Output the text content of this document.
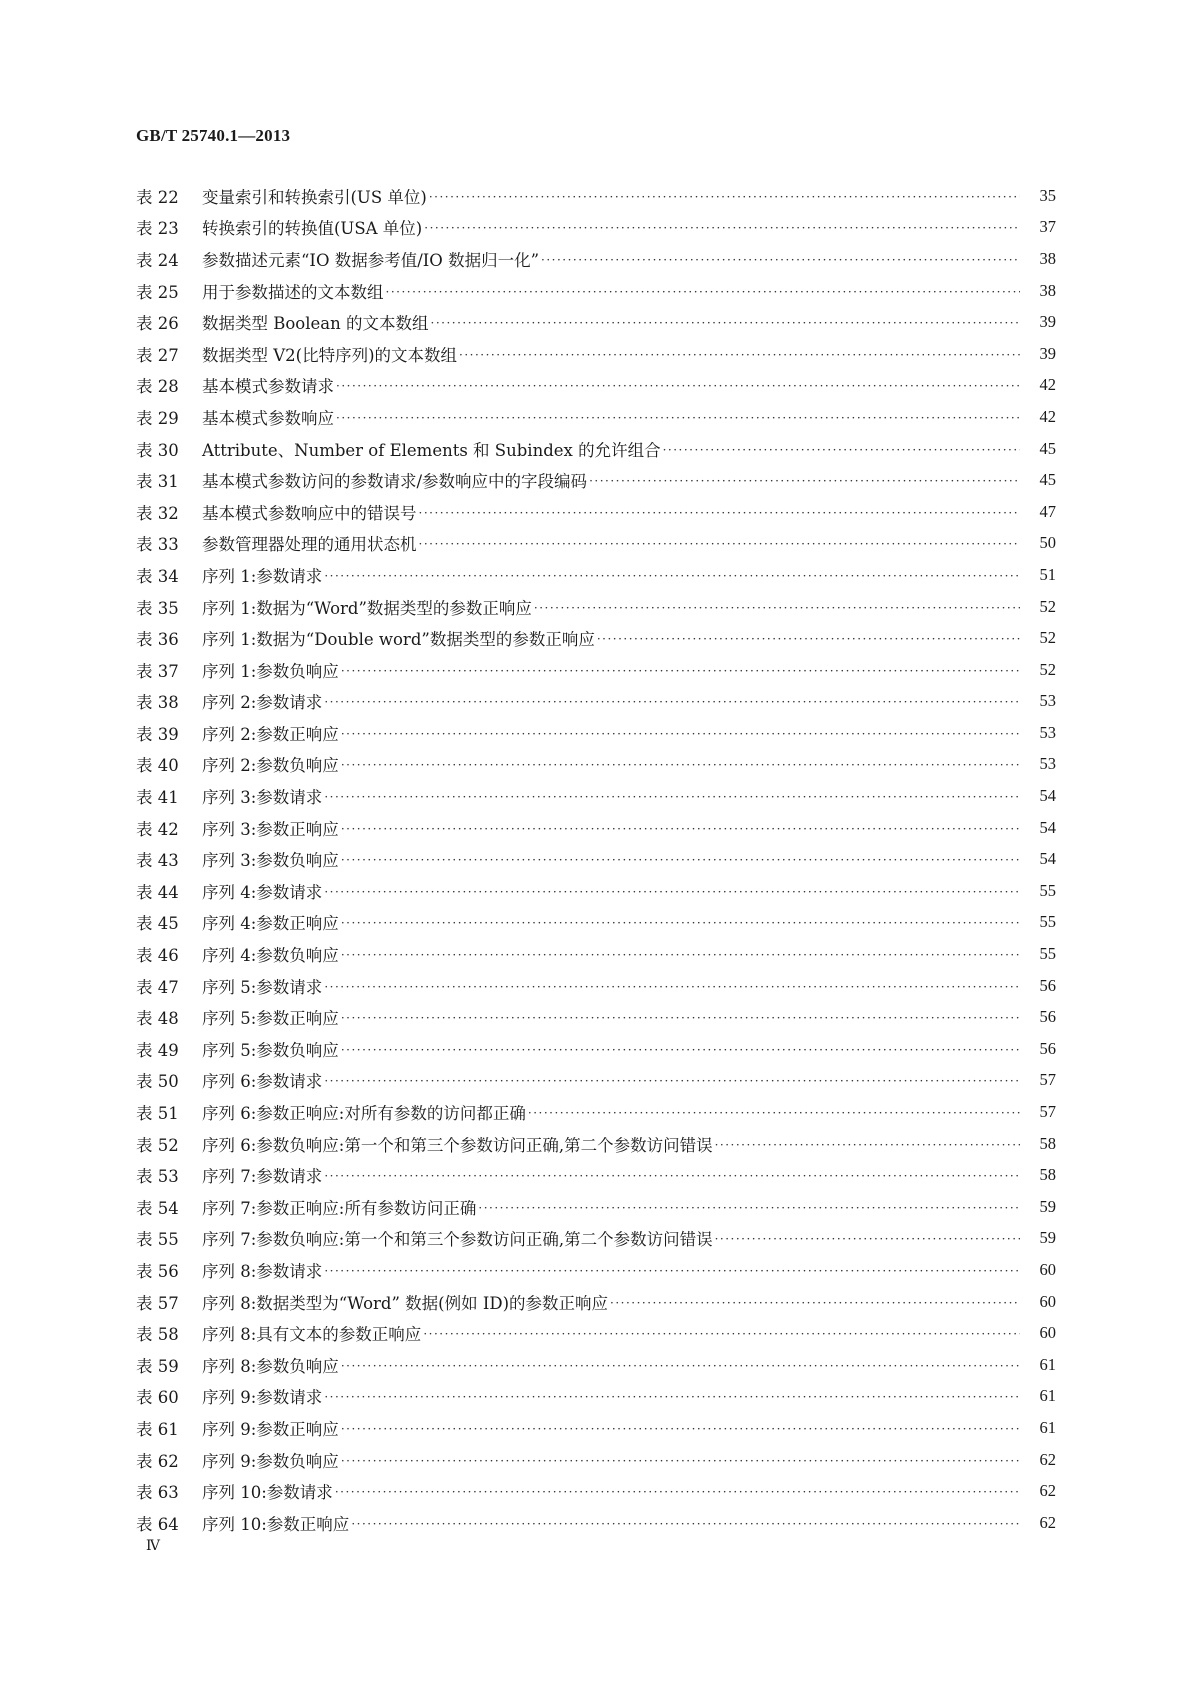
GB/T 25740.1—2013
表 22	变量索引和转换索引(US 单位) ·····	35
表 23	转换索引的转换值(USA 单位) ·····	37
表 24	参数描述元素“IO 数据参考值/IO 数据归一化” ·····	38
表 25	用于参数描述的文本数组 ·····	38
表 26	数据类型 Boolean 的文本数组 ·····	39
表 27	数据类型 V2(比特序列)的文本数组 ·····	39
表 28	基本模式参数请求 ·····	42
表 29	基本模式参数响应 ·····	42
表 30	Attribute、Number of Elements 和 Subindex 的允许组合 ·····	45
表 31	基本模式参数访问的参数请求/参数响应中的字段编码 ·····	45
表 32	基本模式参数响应中的错误号 ·····	47
表 33	参数管理器处理的通用状态机 ·····	50
表 34	序列 1:参数请求 ·····	51
表 35	序列 1:数据为“Word”数据类型的参数正响应 ·····	52
表 36	序列 1:数据为“Double word”数据类型的参数正响应 ·····	52
表 37	序列 1:参数负响应 ·····	52
表 38	序列 2:参数请求 ·····	53
表 39	序列 2:参数正响应 ·····	53
表 40	序列 2:参数负响应 ·····	53
表 41	序列 3:参数请求 ·····	54
表 42	序列 3:参数正响应 ·····	54
表 43	序列 3:参数负响应 ·····	54
表 44	序列 4:参数请求 ·····	55
表 45	序列 4:参数正响应 ·····	55
表 46	序列 4:参数负响应 ·····	55
表 47	序列 5:参数请求 ·····	56
表 48	序列 5:参数正响应 ·····	56
表 49	序列 5:参数负响应 ·····	56
表 50	序列 6:参数请求 ·····	57
表 51	序列 6:参数正响应:对所有参数的访问都正确 ·····	57
表 52	序列 6:参数负响应:第一个和第三个参数访问正确,第二个参数访问错误 ·····	58
表 53	序列 7:参数请求 ·····	58
表 54	序列 7:参数正响应:所有参数访问正确 ·····	59
表 55	序列 7:参数负响应:第一个和第三个参数访问正确,第二个参数访问错误 ·····	59
表 56	序列 8:参数请求 ·····	60
表 57	序列 8:数据类型为“Word” 数据(例如 ID)的参数正响应 ·····	60
表 58	序列 8:具有文本的参数正响应 ·····	60
表 59	序列 8:参数负响应 ·····	61
表 60	序列 9:参数请求 ·····	61
表 61	序列 9:参数正响应 ·····	61
表 62	序列 9:参数负响应 ·····	62
表 63	序列 10:参数请求 ·····	62
表 64	序列 10:参数正响应 ·····	62
Ⅳ
